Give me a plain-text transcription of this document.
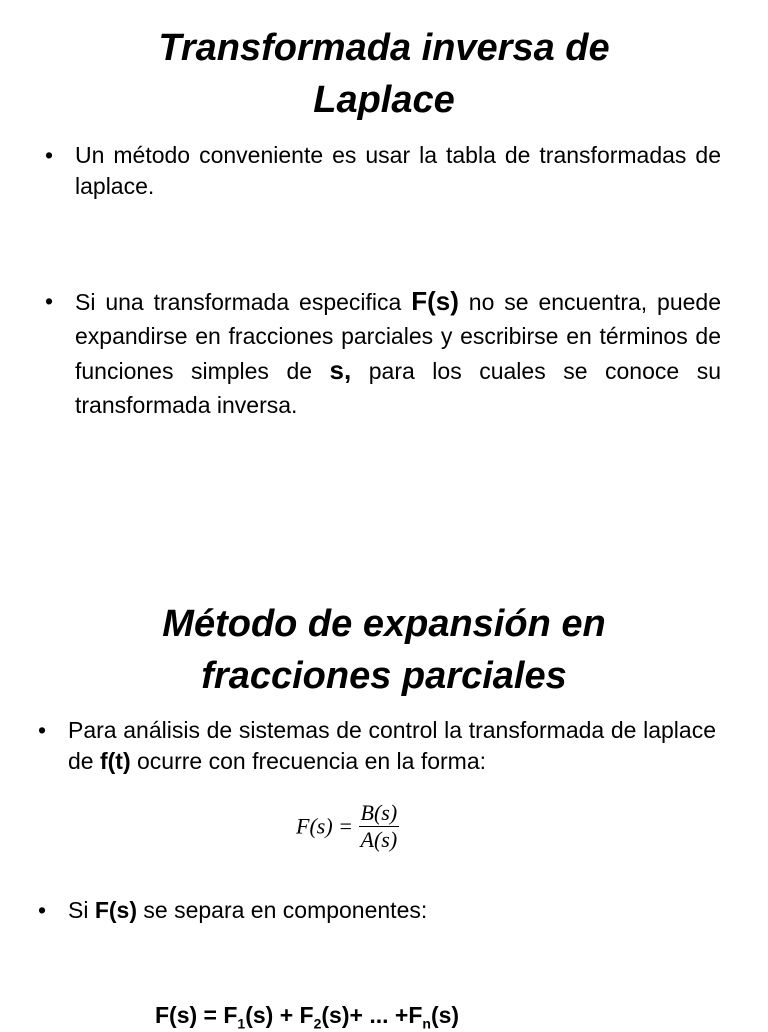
Transformada inversa de
Laplace

• Un método conveniente es usar la tabla de transformadas de laplace.

• Si una transformada especifica F(s) no se encuentra, puede expandirse en fracciones parciales y escribirse en términos de funciones simples de s, para los cuales se conoce su transformada inversa.

Método de expansión en
fracciones parciales

• Para análisis de sistemas de control la transformada de laplace de f(t) ocurre con frecuencia en la forma:

$F(s) = \frac{B(s)}{A(s)}$

• Si F(s) se separa en componentes:

$F(s) = F_1(s) + F_2(s)+$ ... $+F_n(s)$
